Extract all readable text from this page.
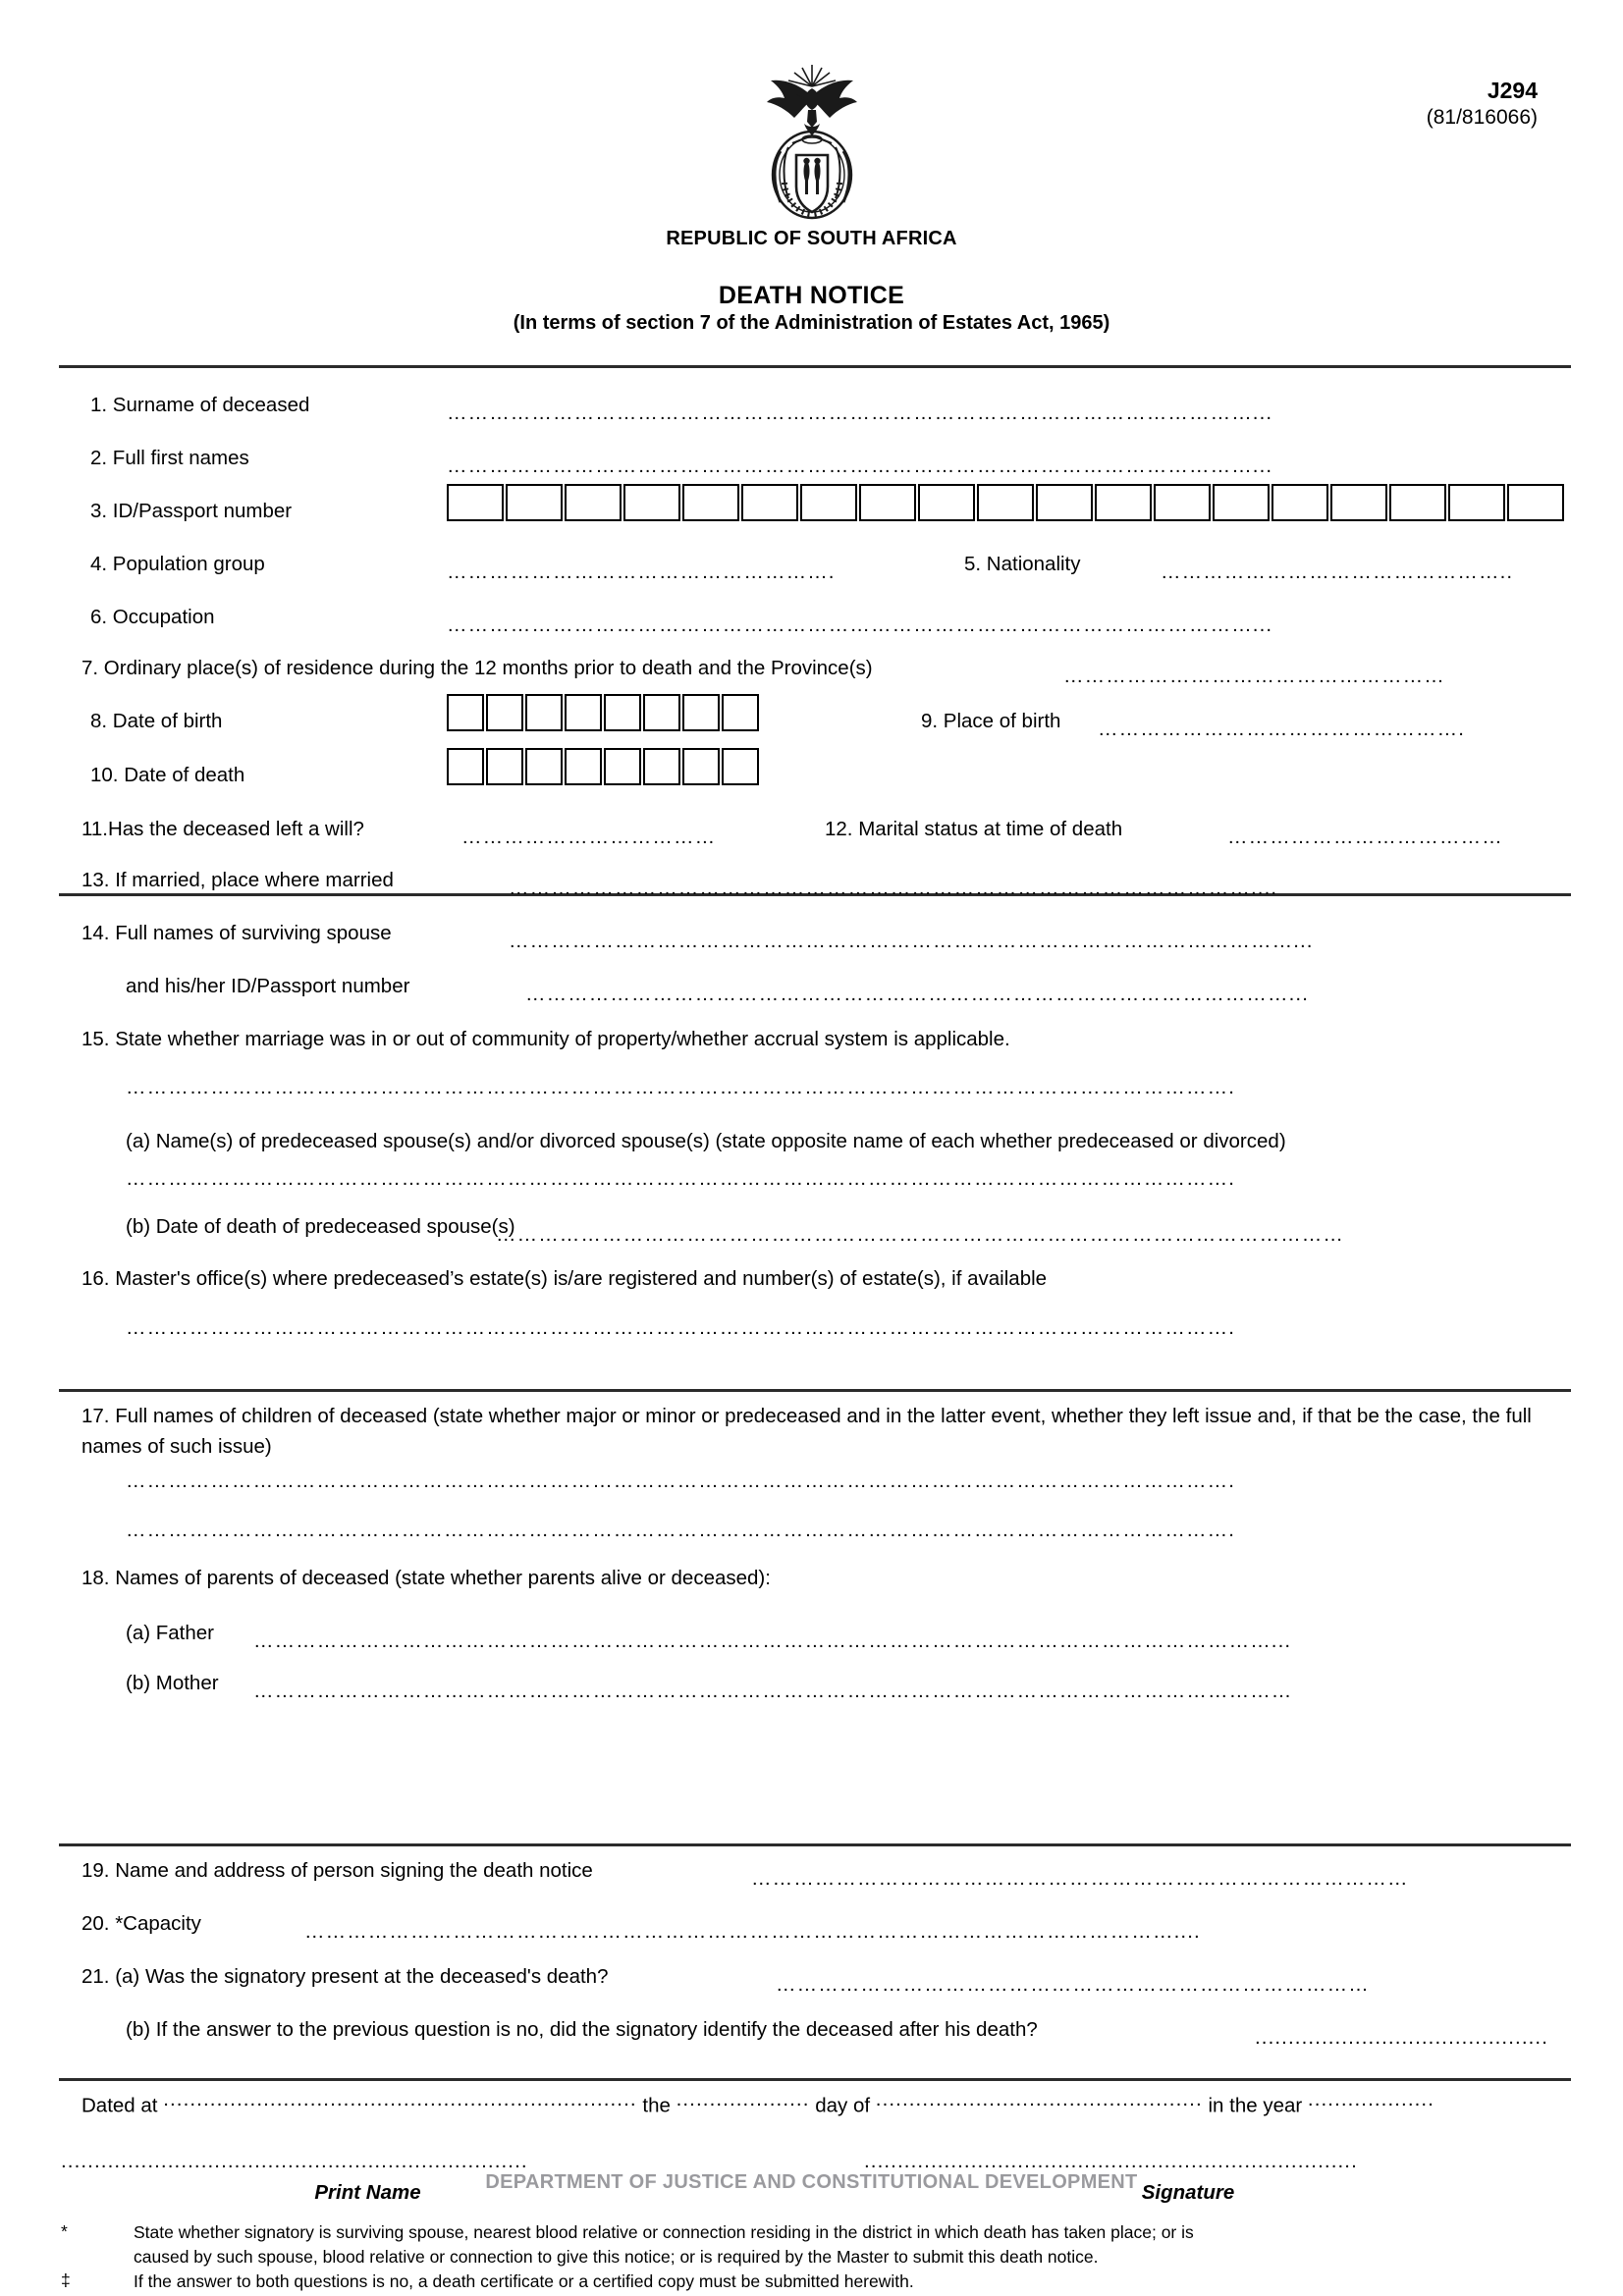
J294
(81/816066)
REPUBLIC OF SOUTH AFRICA
DEATH NOTICE
(In terms of section 7 of the Administration of Estates Act, 1965)
1. Surname of deceased	……………………………………………………………………………………………………...
2. Full first names	……………………………………………………………………………………………………...
3. ID/Passport number
4. Population group	……………………………………………….	5. Nationality	…………………………………………..
6. Occupation	……………………………………………………………………………………………………...
7. Ordinary place(s) of residence during the 12 months prior to death and the Province(s)	………………………………………………
8. Date of birth	9. Place of birth …………………………………………….
10. Date of death
11.Has the deceased left a will?	………………………………	12. Marital status at time of death	…………………………………
13. If married, place where married	……………………………………………………………………………………………....
14. Full names of surviving spouse	…………………………………………………………………………………………………...
and his/her ID/Passport number	………………………………………………………………………………………………...
15. State whether marriage was in or out of community of property/whether accrual system is applicable.
………………………………………………………………………………………………………………………………………….
(a) Name(s) of predeceased spouse(s) and/or divorced spouse(s) (state opposite name of each whether predeceased or divorced)
………………………………………………………………………………………………………………………………………….
(b) Date of death of predeceased spouse(s)
…………………………………………………………………………………………………………
16. Master's office(s) where predeceased’s estate(s) is/are registered and number(s) of estate(s), if available
………………………………………………………………………………………………………………………………………….
17. Full names of children of deceased (state whether major or minor or predeceased and in the latter event, whether they left issue and, if that be the case, the full names of such issue)
………………………………………………………………………………………………………………………………………….
………………………………………………………………………………………………………………………………………….
18. Names of parents of deceased (state whether parents alive or deceased):
(a) Father ………………………………………………………………………………………………………………………………...
(b) Mother …………………………………………………………………………………………………………………………………
19. Name and address of person signing the death notice	…………………………………………………………………………………
20. *Capacity	……………………………………………………………………………………………………………....
21. (a) Was the signatory present at the deceased's death?	…………………………………………………………………………
(b) If the answer to the previous question is no, did the signatory identify the deceased after his death?	............................................
Dated at ....................................................................... the .................... day of ................................................. in the year ...................
......................................................................
Print Name
..........................................................................
Signature
*	State whether signatory is surviving spouse, nearest blood relative or connection residing in the district in which death has taken place; or is
caused by such spouse, blood relative or connection to give this notice; or is required by the Master to submit this death notice.
‡	If the answer to both questions is no, a death certificate or a certified copy must be submitted herewith.
DEPARTMENT OF JUSTICE AND CONSTITUTIONAL DEVELOPMENT
